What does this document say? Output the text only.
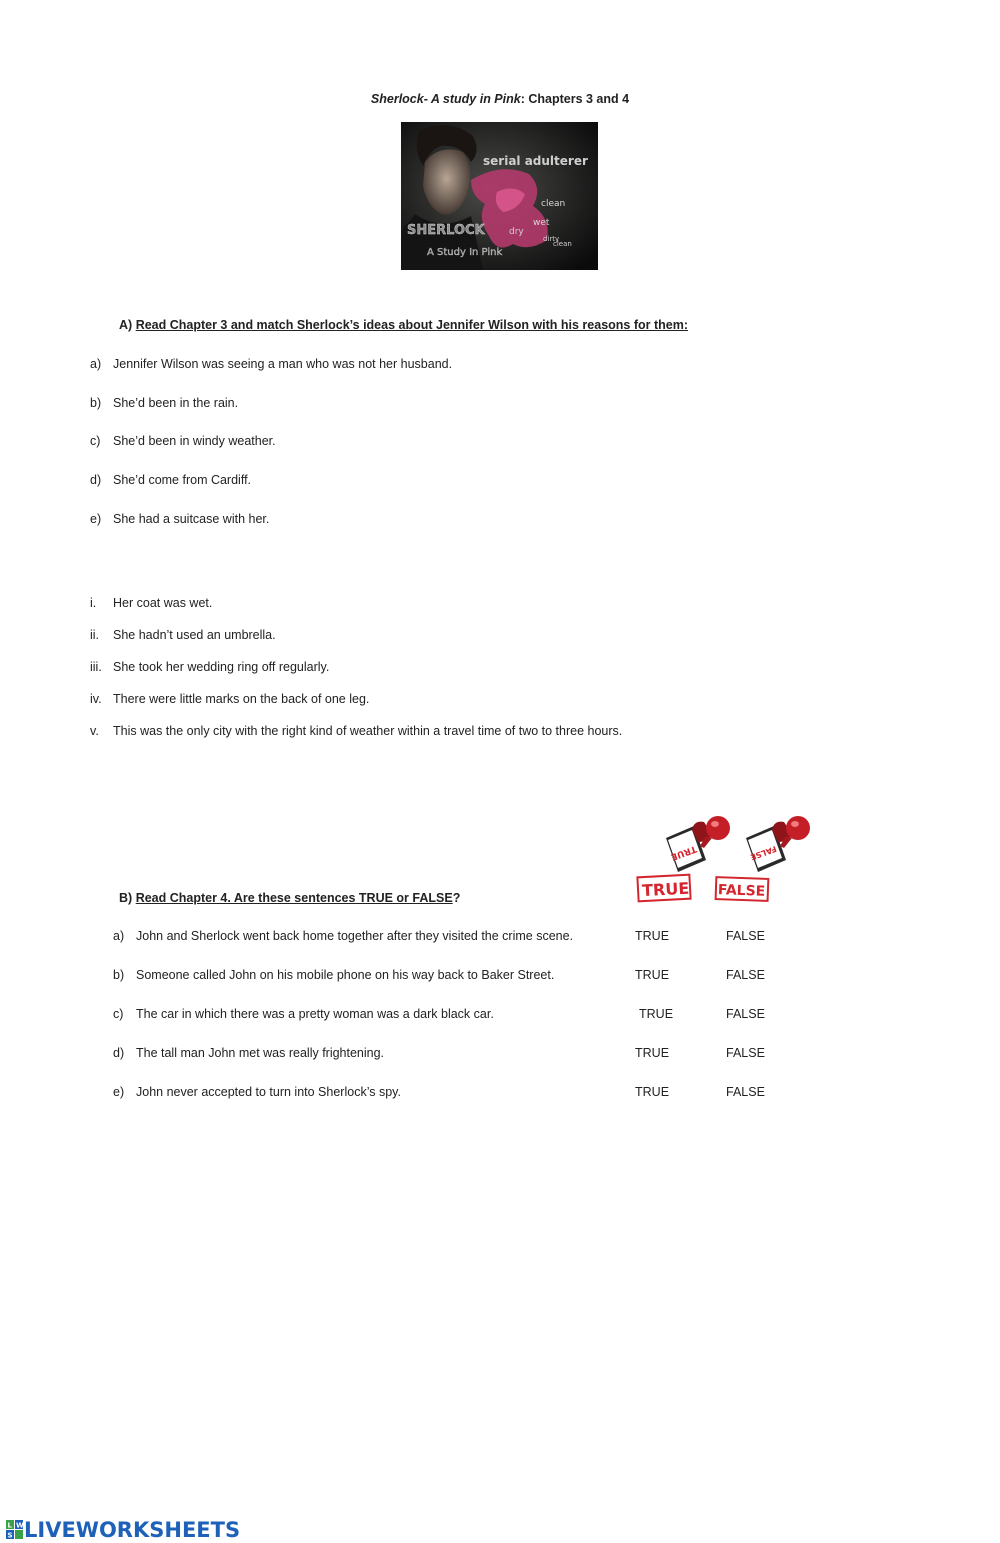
Sherlock- A study in Pink: Chapters 3 and 4
serial adulterer
clean
wet
dry
dirty
clean
SHERLOCK
A Study In Pink
A) Read Chapter 3 and match Sherlock’s ideas about Jennifer Wilson with his reasons for them:
a) Jennifer Wilson was seeing a man who was not her husband.
b) She’d been in the rain.
c) She’d been in windy weather.
d) She’d come from Cardiff.
e) She had a suitcase with her.
i. Her coat was wet.
ii. She hadn’t used an umbrella.
iii. She took her wedding ring off regularly.
iv. There were little marks on the back of one leg.
v. This was the only city with the right kind of weather within a travel time of two to three hours.
TRUE	FALSE
TRUE FALSE
B) Read Chapter 4. Are these sentences TRUE or FALSE?
a) John and Sherlock went back home together after they visited the crime scene.	TRUE	FALSE
b) Someone called John on his mobile phone on his way back to Baker Street.	TRUE	FALSE
c) The car in which there was a pretty woman was a dark black car.	TRUE	FALSE
d) The tall man John met was really frightening.	TRUE	FALSE
e) John never accepted to turn into Sherlock’s spy.	TRUE	FALSE
L W
S LIVEWORKSHEETS
